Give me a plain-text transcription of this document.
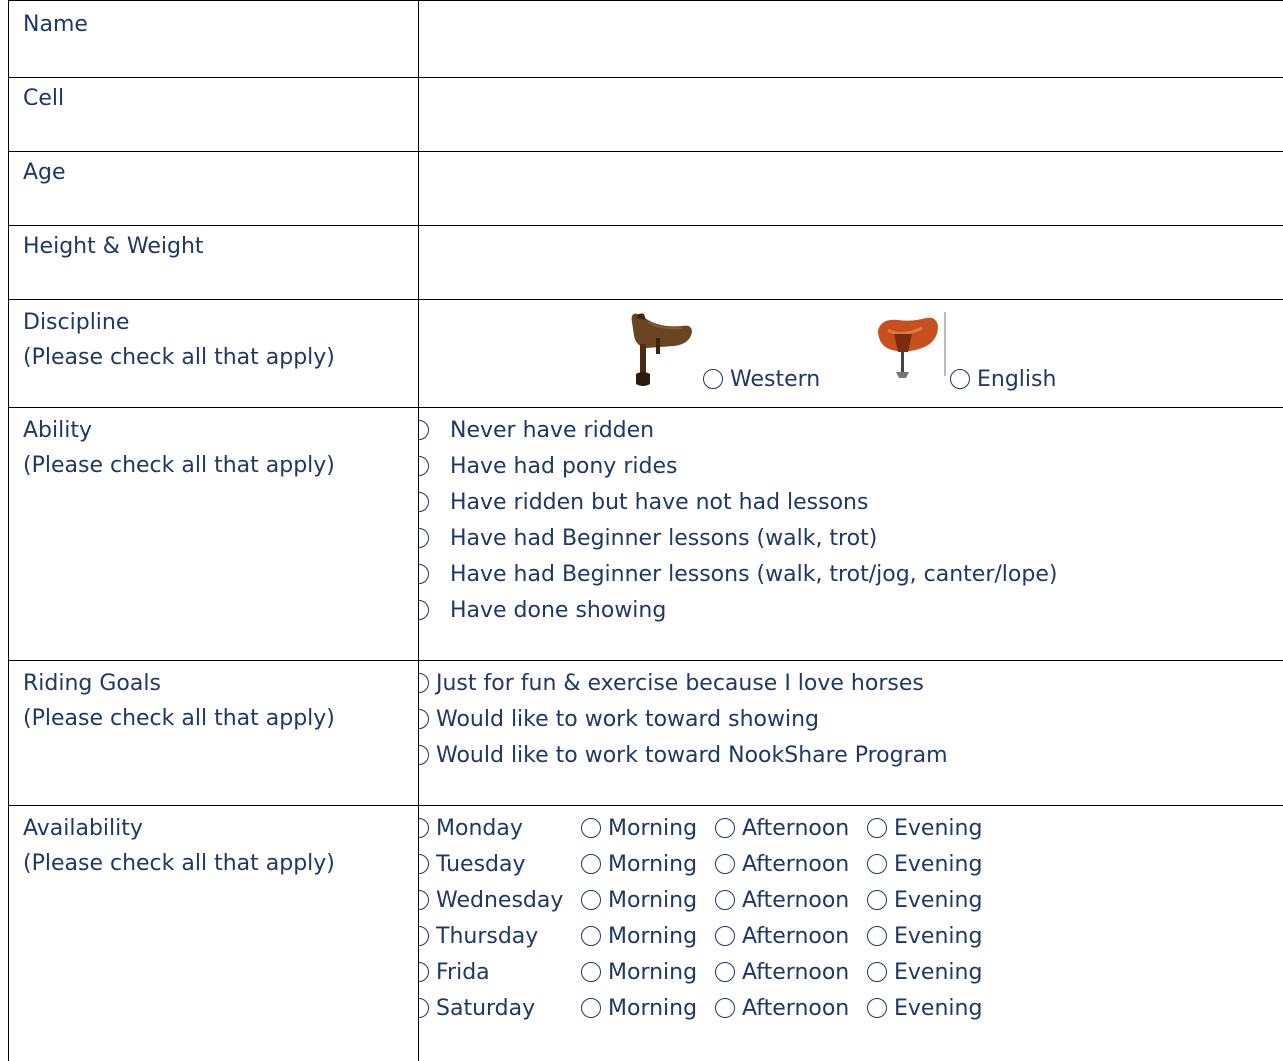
Name
Cell
Age
Height & Weight
Discipline
(Please check all that apply)
Western	English
Ability
(Please check all that apply)
Never have ridden
Have had pony rides
Have ridden but have not had lessons
Have had Beginner lessons (walk, trot)
Have had Beginner lessons (walk, trot/jog, canter/lope)
Have done showing
Riding Goals
(Please check all that apply)
Just for fun & exercise because I love horses
Would like to work toward showing
Would like to work toward NookShare Program
Availability
(Please check all that apply)
Monday	Morning	Afternoon	Evening
Tuesday	Morning	Afternoon	Evening
Wednesday	Morning	Afternoon	Evening
Thursday	Morning	Afternoon	Evening
Frida	Morning	Afternoon	Evening
Saturday	Morning	Afternoon	Evening
